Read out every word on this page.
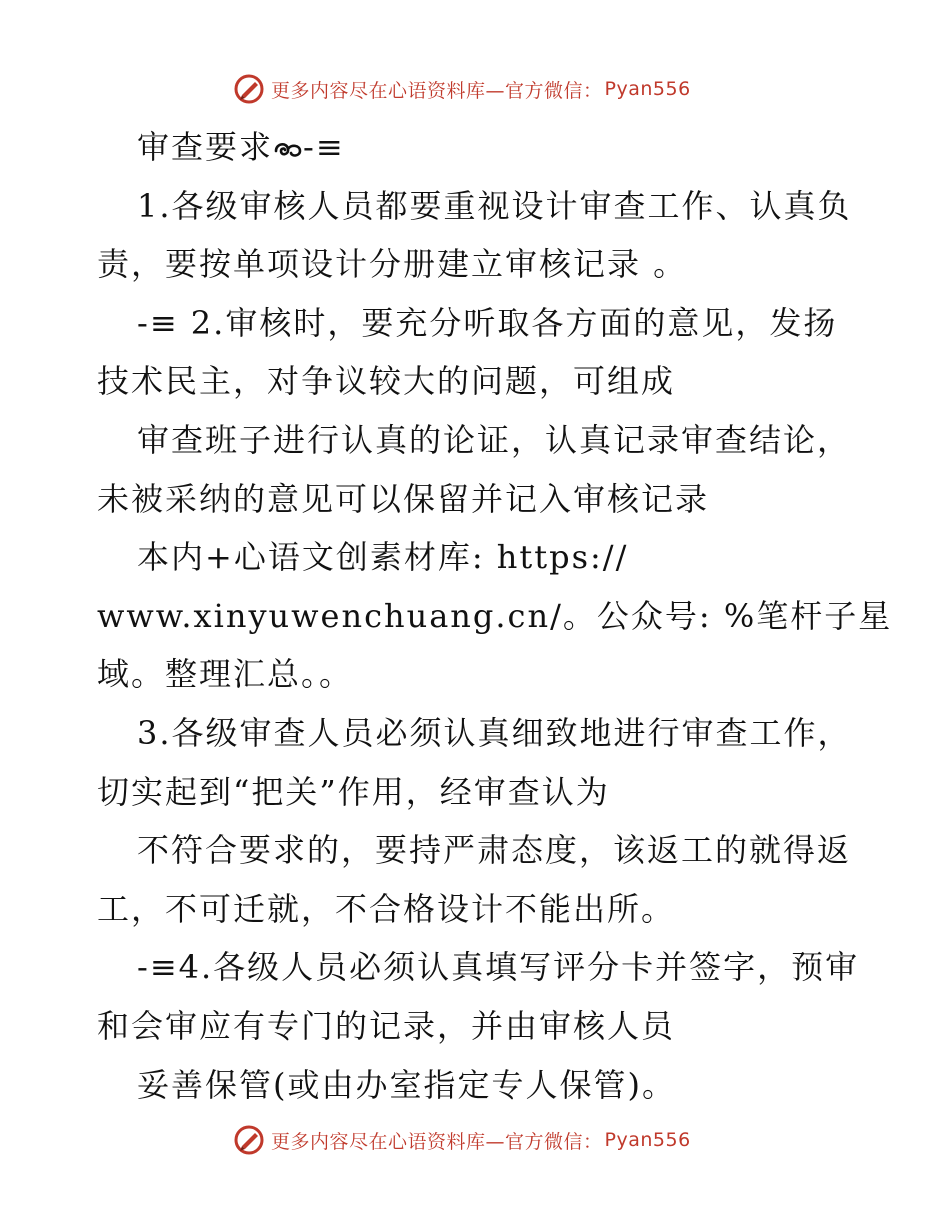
更多内容尽在心语资料库—官方微信： Pyan556
审查要求 -≡
1.各级审核人员都要重视设计审查工作、认真负
责，要按单项设计分册建立审核记录 。
-≡ 2.审核时，要充分听取各方面的意见，发扬
技术民主，对争议较大的问题，可组成
审查班子进行认真的论证，认真记录审查结论，
未被采纳的意见可以保留并记入审核记录
本内+心语文创素材库: https://
www.xinyuwenchuang.cn/。公众号: %笔杆子星
域。整理汇总。。
3.各级审查人员必须认真细致地进行审查工作，
切实起到“把关”作用，经审查认为
不符合要求的，要持严肃态度，该返工的就得返
工，不可迁就，不合格设计不能出所。
-≡4.各级人员必须认真填写评分卡并签字，预审
和会审应有专门的记录，并由审核人员
妥善保管(或由办室指定专人保管)。
更多内容尽在心语资料库—官方微信： Pyan556
